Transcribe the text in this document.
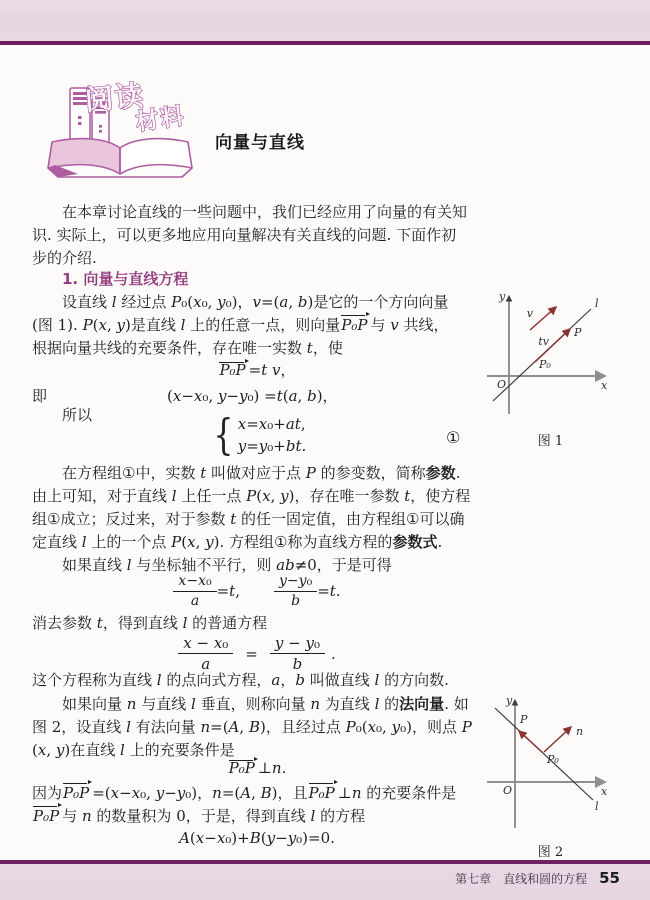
阅读
材料
向量与直线
在本章讨论直线的一些问题中，我们已经应用了向量的有关知
识. 实际上，可以更多地应用向量解决有关直线的问题. 下面作初
步的介绍.
1. 向量与直线方程
设直线 l 经过点 P₀(x₀, y₀)，v=(a, b)是它的一个方向向量
(图 1). P(x, y)是直线 l 上的任意一点，则向量P₀P 与 v 共线，
根据向量共线的充要条件，存在唯一实数 t，使
P₀P =t v，
即	(x−x₀, y−y₀) =t(a, b)，
所以	{ x=x₀+at,
y=y₀+bt.	①
y
v
l
P
tv
P₀
O	x
图 1
在方程组①中，实数 t 叫做对应于点 P 的参变数，简称参数.
由上可知，对于直线 l 上任一点 P(x, y)，存在唯一参数 t，使方程
组①成立；反过来，对于参数 t 的任一固定值，由方程组①可以确
定直线 l 上的一个点 P(x, y). 方程组①称为直线方程的参数式.
如果直线 l 与坐标轴不平行，则 ab≠0，于是可得
$\frac{\text{x−x₀}}{a} =t$, $\frac{\text{y−y₀}}{b} =t$.
消去参数 t，得到直线 l 的普通方程
$\frac{\text{x − x₀}}{a} = \frac{\text{y − y₀}}{b}$ .
这个方程称为直线 l 的点向式方程，a，b 叫做直线 l 的方向数.
如果向量 n 与直线 l 垂直，则称向量 n 为直线 l 的法向量. 如
图 2，设直线 l 有法向量 n=(A, B)，且经过点 P₀(x₀, y₀)，则点 P
(x, y)在直线 l 上的充要条件是
P₀P ⊥n.
因为P₀P =(x−x₀, y−y₀)，n=(A, B)，且P₀P ⊥n 的充要条件是
P₀P 与 n 的数量积为 0，于是，得到直线 l 的方程
A(x−x₀)+B(y−y₀)=0.
y
P
n
P₀
O	x
l
图 2
第七章　直线和圆的方程 55
